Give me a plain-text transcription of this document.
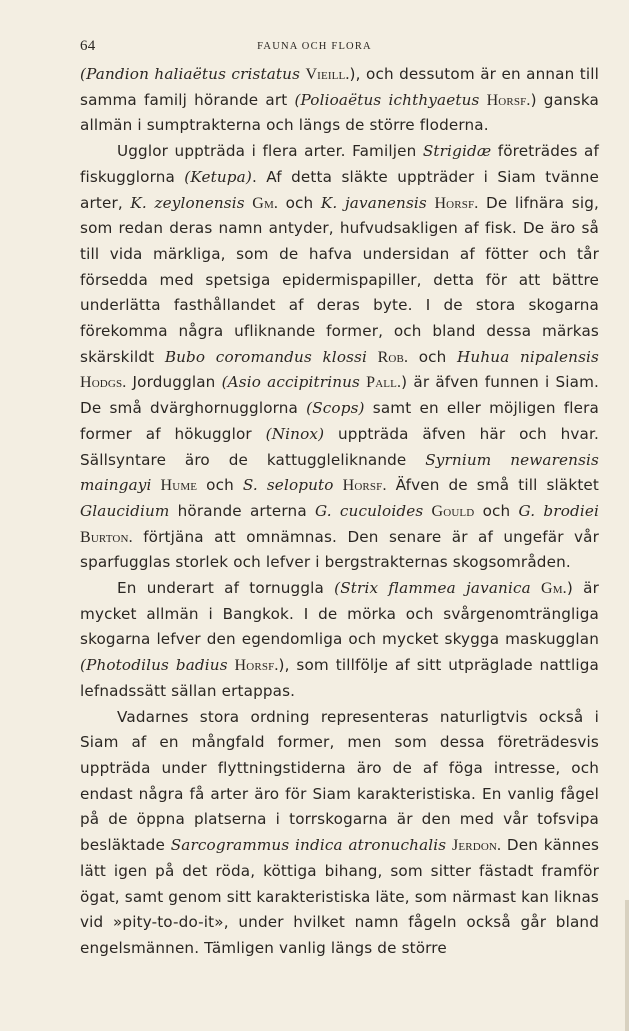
64	FAUNA OCH FLORA

(Pandion haliaëtus cristatus Vieill.), och dessutom är en annan till samma familj hörande art (Polioaëtus ichthyaetus Horsf.) ganska allmän i sumptrakterna och längs de större floderna.

Ugglor uppträda i flera arter. Familjen Strigidæ företrädes af fiskugglorna (Ketupa). Af detta släkte uppträder i Siam tvänne arter, K. zeylonensis Gm. och K. javanensis Horsf. De lifnära sig, som redan deras namn antyder, hufvudsakligen af fisk. De äro så till vida märkliga, som de hafva undersidan af fötter och tår försedda med spetsiga epidermispapiller, detta för att bättre underlätta fasthållandet af deras byte. I de stora skogarna förekomma några ufliknande former, och bland dessa märkas skärskildt Bubo coromandus klossi Rob. och Huhua nipalensis Hodgs. Jordugglan (Asio accipitrinus Pall.) är äfven funnen i Siam. De små dvärghornugglorna (Scops) samt en eller möjligen flera former af hökugglor (Ninox) uppträda äfven här och hvar. Sällsyntare äro de kattuggleliknande Syrnium newarensis maingayi Hume och S. seloputo Horsf. Äfven de små till släktet Glaucidium hörande arterna G. cuculoides Gould och G. brodiei Burton. förtjäna att omnämnas. Den senare är af ungefär vår sparfugglas storlek och lefver i bergstrakternas skogsområden.

En underart af tornuggla (Strix flammea javanica Gm.) är mycket allmän i Bangkok. I de mörka och svårgenomträngliga skogarna lefver den egendomliga och mycket skygga maskugglan (Photodilus badius Horsf.), som tillfölje af sitt utpräglade nattliga lefnadssätt sällan ertappas.

Vadarnes stora ordning representeras naturligtvis också i Siam af en mångfald former, men som dessa företrädesvis uppträda under flyttningstiderna äro de af föga intresse, och endast några få arter äro för Siam karakteristiska. En vanlig fågel på de öppna platserna i torrskogarna är den med vår tofsvipa besläktade Sarcogrammus indica atronuchalis Jerdon. Den kännes lätt igen på det röda, köttiga bihang, som sitter fästadt framför ögat, samt genom sitt karakteristiska läte, som närmast kan liknas vid »pity-to-do-it», under hvilket namn fågeln också går bland engelsmännen. Tämligen vanlig längs de större
